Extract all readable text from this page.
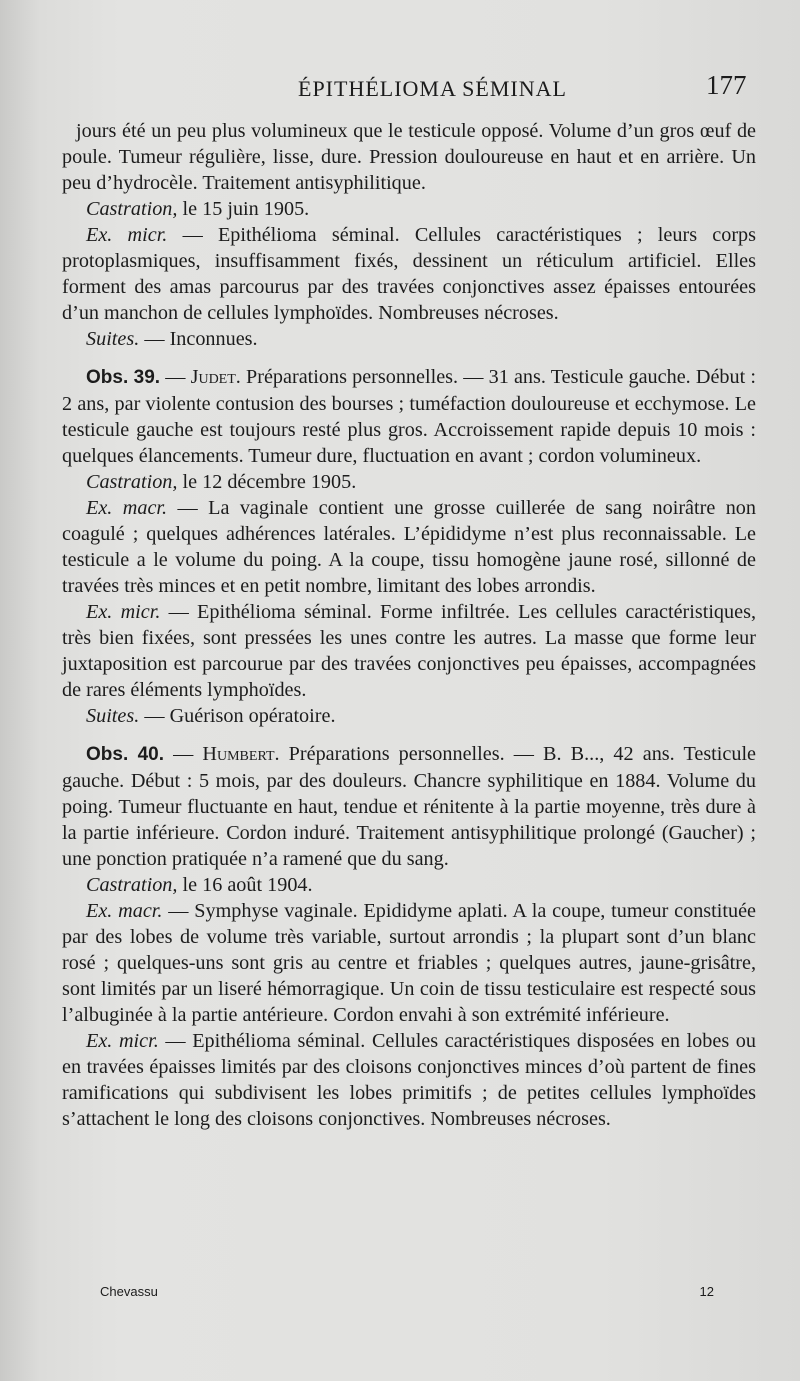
ÉPITHÉLIOMA SÉMINAL	177

jours été un peu plus volumineux que le testicule opposé. Volume d’un gros œuf de poule. Tumeur régulière, lisse, dure. Pression douloureuse en haut et en arrière. Un peu d’hydrocèle. Traitement antisyphilitique.

Castration, le 15 juin 1905.

Ex. micr. — Epithélioma séminal. Cellules caractéristiques ; leurs corps protoplasmiques, insuffisamment fixés, dessinent un réticulum artificiel. Elles forment des amas parcourus par des travées conjonctives assez épaisses entourées d’un manchon de cellules lymphoïdes. Nombreuses nécroses.

Suites. — Inconnues.

Obs. 39. — Judet. Préparations personnelles. — 31 ans. Testicule gauche. Début : 2 ans, par violente contusion des bourses ; tuméfaction douloureuse et ecchymose. Le testicule gauche est toujours resté plus gros. Accroissement rapide depuis 10 mois : quelques élancements. Tumeur dure, fluctuation en avant ; cordon volumineux.

Castration, le 12 décembre 1905.

Ex. macr. — La vaginale contient une grosse cuillerée de sang noirâtre non coagulé ; quelques adhérences latérales. L’épididyme n’est plus reconnaissable. Le testicule a le volume du poing. A la coupe, tissu homogène jaune rosé, sillonné de travées très minces et en petit nombre, limitant des lobes arrondis.

Ex. micr. — Epithélioma séminal. Forme infiltrée. Les cellules caractéristiques, très bien fixées, sont pressées les unes contre les autres. La masse que forme leur juxtaposition est parcourue par des travées conjonctives peu épaisses, accompagnées de rares éléments lymphoïdes.

Suites. — Guérison opératoire.

Obs. 40. — Humbert. Préparations personnelles. — B. B..., 42 ans. Testicule gauche. Début : 5 mois, par des douleurs. Chancre syphilitique en 1884. Volume du poing. Tumeur fluctuante en haut, tendue et rénitente à la partie moyenne, très dure à la partie inférieure. Cordon induré. Traitement antisyphilitique prolongé (Gaucher) ; une ponction pratiquée n’a ramené que du sang.

Castration, le 16 août 1904.

Ex. macr. — Symphyse vaginale. Epididyme aplati. A la coupe, tumeur constituée par des lobes de volume très variable, surtout arrondis ; la plupart sont d’un blanc rosé ; quelques-uns sont gris au centre et friables ; quelques autres, jaune-grisâtre, sont limités par un liseré hémorragique. Un coin de tissu testiculaire est respecté sous l’albuginée à la partie antérieure. Cordon envahi à son extrémité inférieure.

Ex. micr. — Epithélioma séminal. Cellules caractéristiques disposées en lobes ou en travées épaisses limités par des cloisons conjonctives minces d’où partent de fines ramifications qui subdivisent les lobes primitifs ; de petites cellules lymphoïdes s’attachent le long des cloisons conjonctives. Nombreuses nécroses.

Chevassu	12
